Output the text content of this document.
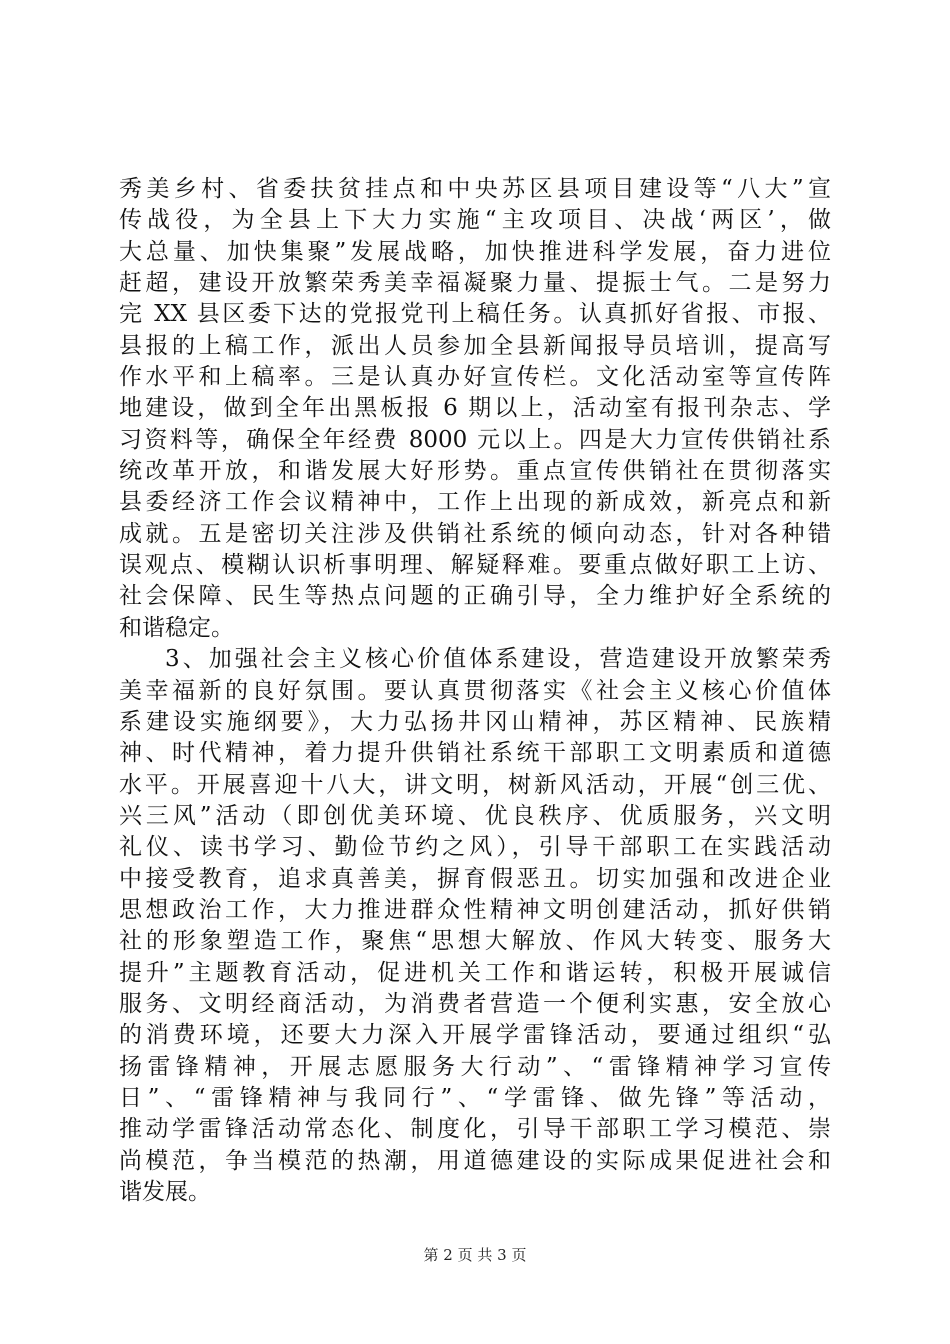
秀美乡村、省委扶贫挂点和中央苏区县项目建设等“八大”宣
传战役，为全县上下大力实施“主攻项目、决战‘两区’，做
大总量、加快集聚”发展战略，加快推进科学发展，奋力进位
赶超，建设开放繁荣秀美幸福凝聚力量、提振士气。二是努力
完 XX 县区委下达的党报党刊上稿任务。认真抓好省报、市报、
县报的上稿工作，派出人员参加全县新闻报导员培训，提高写
作水平和上稿率。三是认真办好宣传栏。文化活动室等宣传阵
地建设，做到全年出黑板报 6 期以上，活动室有报刊杂志、学
习资料等，确保全年经费 8000 元以上。四是大力宣传供销社系
统改革开放，和谐发展大好形势。重点宣传供销社在贯彻落实
县委经济工作会议精神中，工作上出现的新成效，新亮点和新
成就。五是密切关注涉及供销社系统的倾向动态，针对各种错
误观点、模糊认识析事明理、解疑释难。要重点做好职工上访、
社会保障、民生等热点问题的正确引导，全力维护好全系统的
和谐稳定。
3、加强社会主义核心价值体系建设，营造建设开放繁荣秀
美幸福新的良好氛围。要认真贯彻落实《社会主义核心价值体
系建设实施纲要》，大力弘扬井冈山精神，苏区精神、民族精
神、时代精神，着力提升供销社系统干部职工文明素质和道德
水平。开展喜迎十八大，讲文明，树新风活动，开展“创三优、
兴三风”活动（即创优美环境、优良秩序、优质服务，兴文明
礼仪、读书学习、勤俭节约之风），引导干部职工在实践活动
中接受教育，追求真善美，摒育假恶丑。切实加强和改进企业
思想政治工作，大力推进群众性精神文明创建活动，抓好供销
社的形象塑造工作，聚焦“思想大解放、作风大转变、服务大
提升”主题教育活动，促进机关工作和谐运转，积极开展诚信
服务、文明经商活动，为消费者营造一个便利实惠，安全放心
的消费环境，还要大力深入开展学雷锋活动，要通过组织“弘
扬雷锋精神，开展志愿服务大行动”、“雷锋精神学习宣传
日”、“雷锋精神与我同行”、“学雷锋、做先锋”等活动，
推动学雷锋活动常态化、制度化，引导干部职工学习模范、崇
尚模范，争当模范的热潮，用道德建设的实际成果促进社会和
谐发展。
第 2 页 共 3 页
